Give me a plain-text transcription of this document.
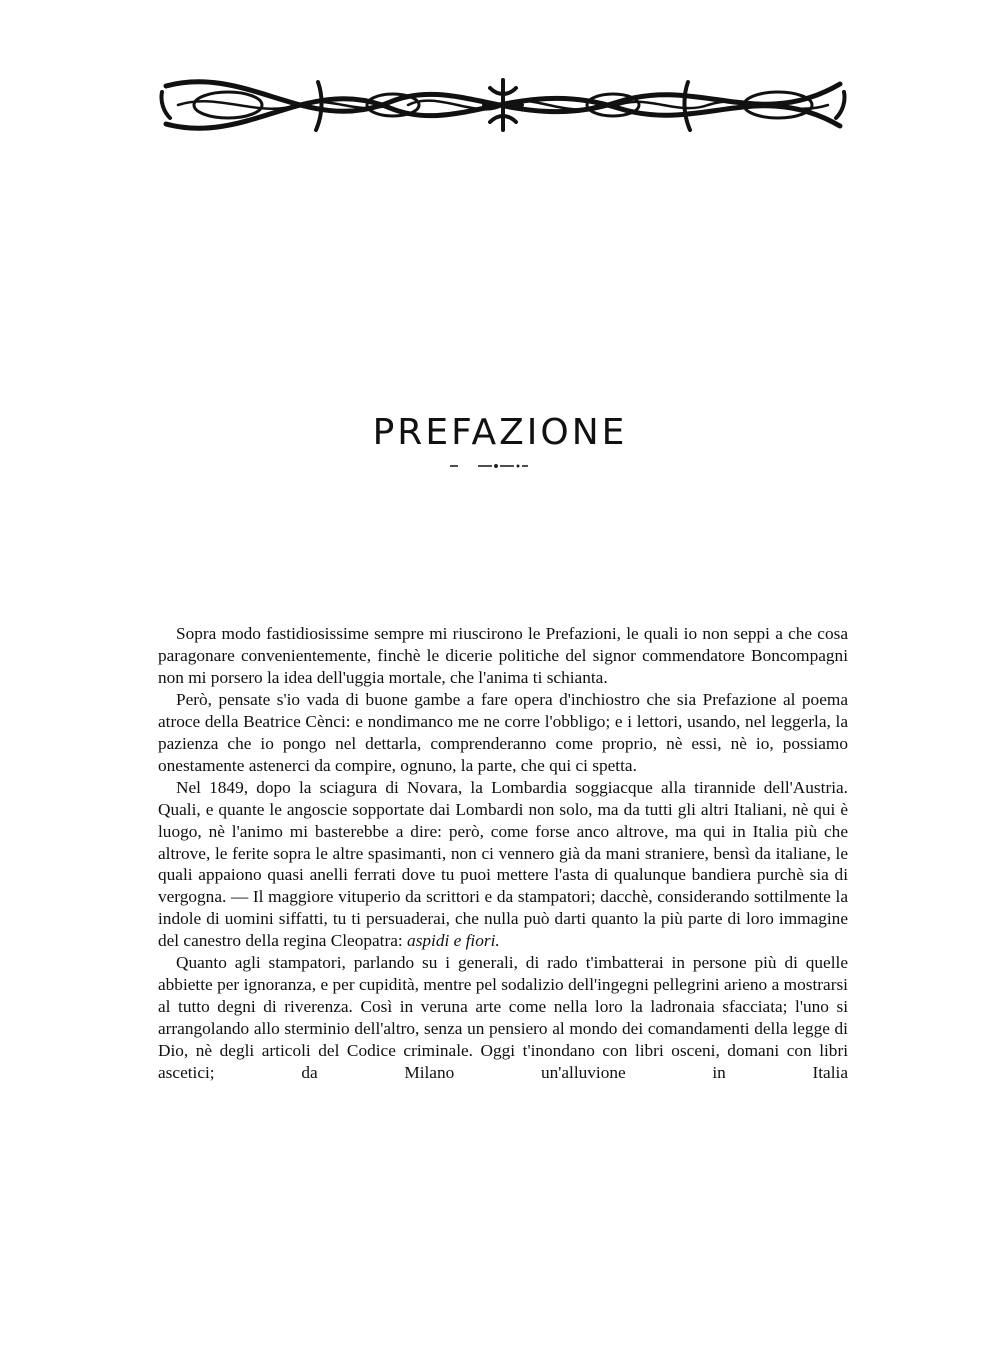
PREFAZIONE

Sopra modo fastidiosissime sempre mi riuscirono le Prefazioni, le quali io non seppi a che cosa paragonare convenientemente, finchè le dicerie politiche del signor commendatore Boncompagni non mi porsero la idea dell'uggia mortale, che l'anima ti schianta.

Però, pensate s'io vada di buone gambe a fare opera d'inchiostro che sia Prefazione al poema atroce della Beatrice Cènci: e nondimanco me ne corre l'obbligo; e i lettori, usando, nel leggerla, la pazienza che io pongo nel dettarla, comprenderanno come proprio, nè essi, nè io, possiamo onestamente astenerci da compire, ognuno, la parte, che qui ci spetta.

Nel 1849, dopo la sciagura di Novara, la Lombardia soggiacque alla tirannide dell'Austria. Quali, e quante le angoscie sopportate dai Lombardi non solo, ma da tutti gli altri Italiani, nè qui è luogo, nè l'animo mi basterebbe a dire: però, come forse anco altrove, ma qui in Italia più che altrove, le ferite sopra le altre spasimanti, non ci vennero già da mani straniere, bensì da italiane, le quali appaiono quasi anelli ferrati dove tu puoi mettere l'asta di qualunque bandiera purchè sia di vergogna. — Il maggiore vituperio da scrittori e da stampatori; dacchè, considerando sottilmente la indole di uomini siffatti, tu ti persuaderai, che nulla può darti quanto la più parte di loro immagine del canestro della regina Cleopatra: aspidi e fiori.

Quanto agli stampatori, parlando su i generali, di rado t'imbatterai in persone più di quelle abbiette per ignoranza, e per cupidità, mentre pel sodalizio dell'ingegni pellegrini arieno a mostrarsi al tutto degni di riverenza. Così in veruna arte come nella loro la ladronaia sfacciata; l'uno si arrangolando allo sterminio dell'altro, senza un pensiero al mondo dei comandamenti della legge di Dio, nè degli articoli del Codice criminale. Oggi t'inondano con libri osceni, domani con libri ascetici; da Milano un'alluvione in Italia
